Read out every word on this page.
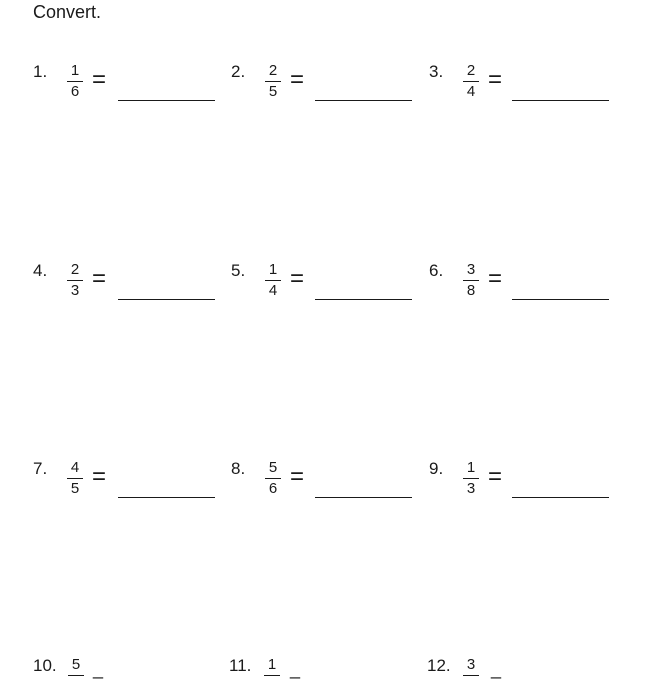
Convert.
1. $\frac{1}{6}$ =	2. $\frac{2}{5}$ =	3. $\frac{2}{4}$ =
4. $\frac{2}{3}$ =	5. $\frac{1}{4}$ =	6. $\frac{3}{8}$ =
7. $\frac{4}{5}$ =	8. $\frac{5}{6}$ =	9. $\frac{1}{3}$ =
10. 5 _	11. 1 _	12. 3 _
